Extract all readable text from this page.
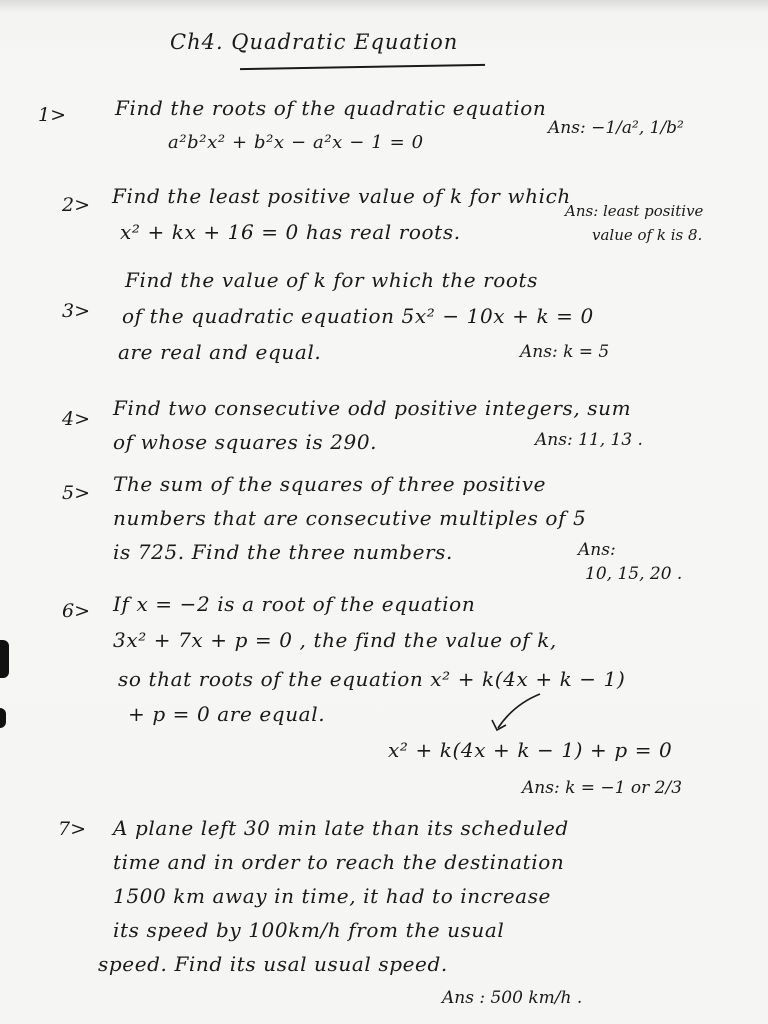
Ch4. Quadratic Equation
1> Find the roots of the quadratic equation
a²b²x² + b²x − a²x − 1 = 0
Ans: −1/a², 1/b²
2> Find the least positive value of k for which
x² + kx + 16 = 0 has real roots.
Ans: least positive
value of k is 8.
3>
Find the value of k for which the roots
of the quadratic equation 5x² − 10x + k = 0
are real and equal.	Ans: k = 5
4> Find two consecutive odd positive integers, sum
of whose squares is 290.	Ans: 11, 13 .
5> The sum of the squares of three positive
numbers that are consecutive multiples of 5
is 725. Find the three numbers.	Ans:
10, 15, 20 .
6> If x = −2 is a root of the equation
3x² + 7x + p = 0 , the find the value of k,
so that roots of the equation x² + k(4x + k − 1)
+ p = 0 are equal.
x² + k(4x + k − 1) + p = 0
Ans: k = −1 or 2/3
7> A plane left 30 min late than its scheduled
time and in order to reach the destination
1500 km away in time, it had to increase
its speed by 100km/h from the usual
speed. Find its usal usual speed.
Ans : 500 km/h .
